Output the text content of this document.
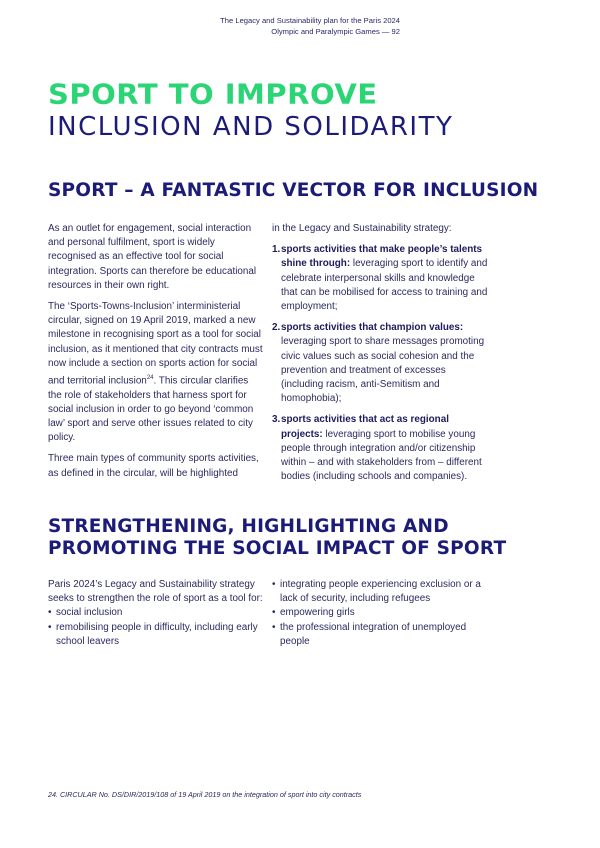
The Legacy and Sustainability plan for the Paris 2024
Olympic and Paralympic Games — 92
SPORT TO IMPROVE
INCLUSION AND SOLIDARITY
SPORT – A FANTASTIC VECTOR FOR INCLUSION

As an outlet for engagement, social interaction and personal fulfilment, sport is widely recognised as an effective tool for social integration. Sports can therefore be educational resources in their own right.

The ‘Sports-Towns-Inclusion’ interministerial circular, signed on 19 April 2019, marked a new milestone in recognising sport as a tool for social inclusion, as it mentioned that city contracts must now include a section on sports action for social and territorial inclusion$^{24}$. This circular clarifies the role of stakeholders that harness sport for social inclusion in order to go beyond ‘common law’ sport and serve other issues related to city policy.

Three main types of community sports activities, as defined in the circular, will be highlighted

in the Legacy and Sustainability strategy:

1. sports activities that make people’s talents shine through: leveraging sport to identify and celebrate interpersonal skills and knowledge that can be mobilised for access to training and employment;
2. sports activities that champion values: leveraging sport to share messages promoting civic values such as social cohesion and the prevention and treatment of excesses (including racism, anti-Semitism and homophobia);
3. sports activities that act as regional projects: leveraging sport to mobilise young people through integration and/or citizenship within – and with stakeholders from – different bodies (including schools and companies).
STRENGTHENING, HIGHLIGHTING AND
PROMOTING THE SOCIAL IMPACT OF SPORT

Paris 2024’s Legacy and Sustainability strategy seeks to strengthen the role of sport as a tool for:

• social inclusion
• remobilising people in difficulty, including early school leavers
• integrating people experiencing exclusion or a lack of security, including refugees
• empowering girls
• the professional integration of unemployed people
24. CIRCULAR No. DS/DIR/2019/108 of 19 April 2019 on the integration of sport into city contracts
